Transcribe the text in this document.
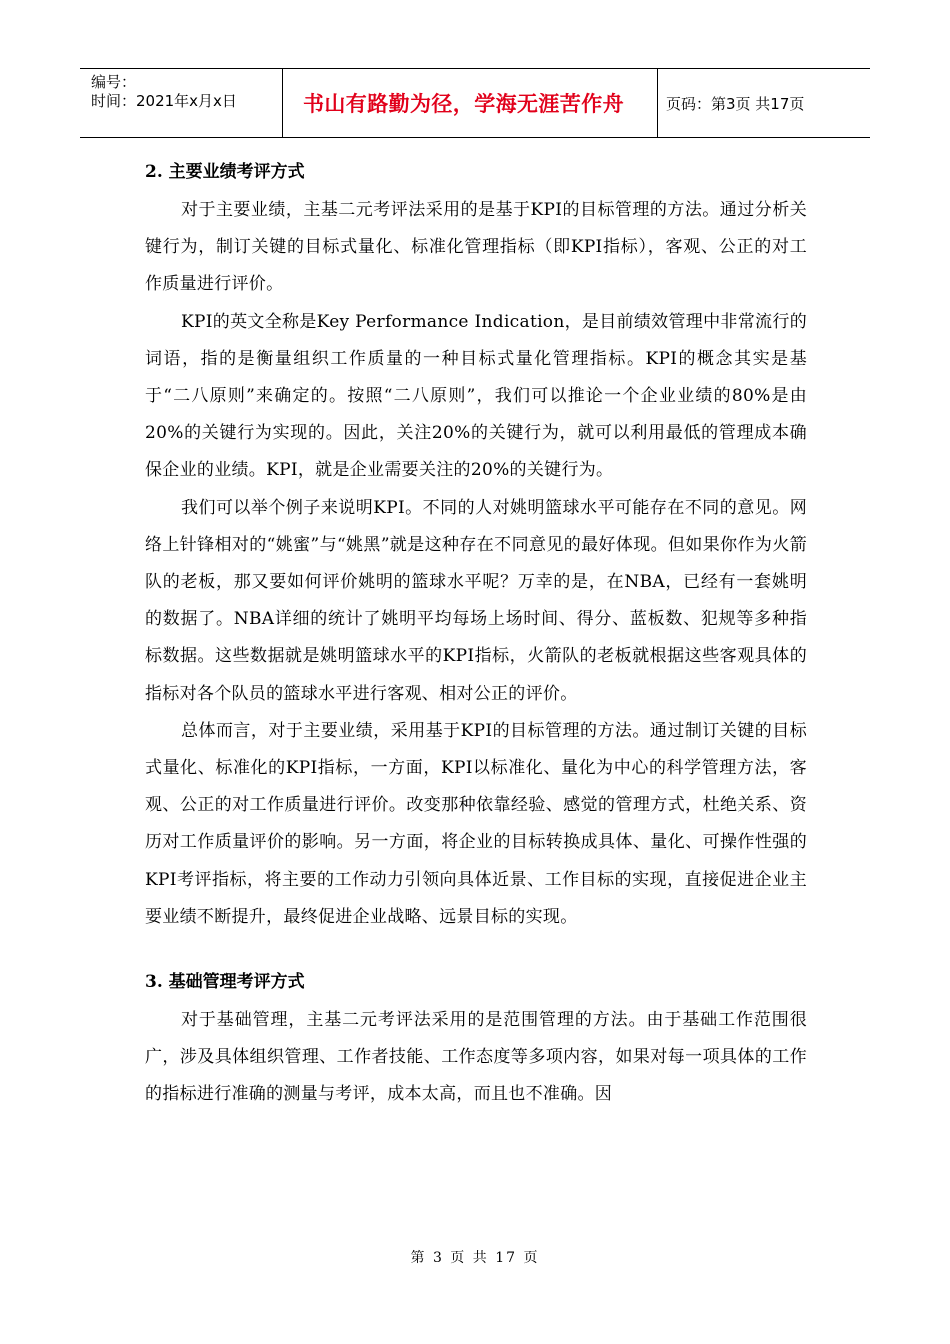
编号：
时间：2021年x月x日	书山有路勤为径，学海无涯苦作舟	页码：第3页 共17页
2. 主要业绩考评方式

对于主要业绩，主基二元考评法采用的是基于KPI的目标管理的方法。通过分析关键行为，制订关键的目标式量化、标准化管理指标（即KPI指标），客观、公正的对工作质量进行评价。

KPI的英文全称是Key Performance Indication，是目前绩效管理中非常流行的词语，指的是衡量组织工作质量的一种目标式量化管理指标。KPI的概念其实是基于“二八原则”来确定的。按照“二八原则”，我们可以推论一个企业业绩的80%是由20%的关键行为实现的。因此，关注20%的关键行为，就可以利用最低的管理成本确保企业的业绩。KPI，就是企业需要关注的20%的关键行为。

我们可以举个例子来说明KPI。不同的人对姚明篮球水平可能存在不同的意见。网络上针锋相对的“姚蜜”与“姚黑”就是这种存在不同意见的最好体现。但如果你作为火箭队的老板，那又要如何评价姚明的篮球水平呢？万幸的是，在NBA，已经有一套姚明的数据了。NBA详细的统计了姚明平均每场上场时间、得分、蓝板数、犯规等多种指标数据。这些数据就是姚明篮球水平的KPI指标，火箭队的老板就根据这些客观具体的指标对各个队员的篮球水平进行客观、相对公正的评价。

总体而言，对于主要业绩，采用基于KPI的目标管理的方法。通过制订关键的目标式量化、标准化的KPI指标，一方面，KPI以标准化、量化为中心的科学管理方法，客观、公正的对工作质量进行评价。改变那种依靠经验、感觉的管理方式，杜绝关系、资历对工作质量评价的影响。另一方面，将企业的目标转换成具体、量化、可操作性强的KPI考评指标，将主要的工作动力引领向具体近景、工作目标的实现，直接促进企业主要业绩不断提升，最终促进企业战略、远景目标的实现。

3. 基础管理考评方式

对于基础管理，主基二元考评法采用的是范围管理的方法。由于基础工作范围很广，涉及具体组织管理、工作者技能、工作态度等多项内容，如果对每一项具体的工作的指标进行准确的测量与考评，成本太高，而且也不准确。因

第 3 页 共 17 页
